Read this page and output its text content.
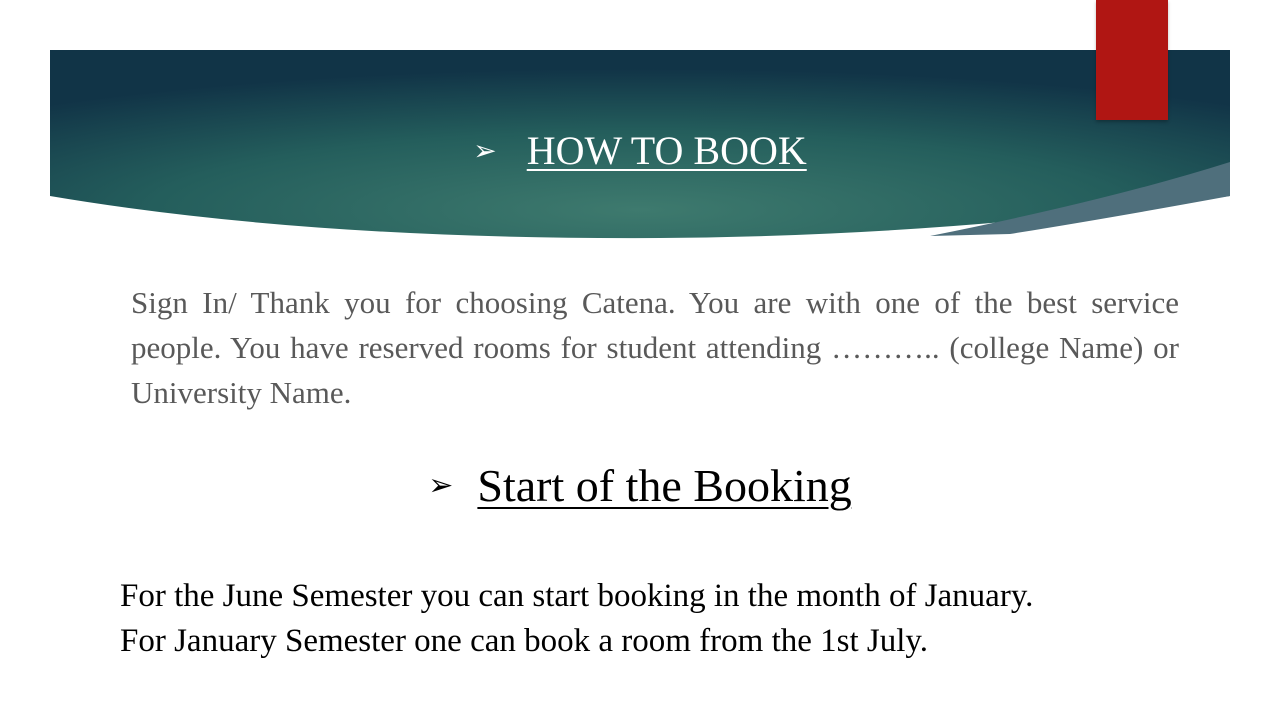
➢ HOW TO BOOK
Sign In/ Thank you for choosing Catena. You are with one of the best service people. You have reserved rooms for student attending ……….. (college Name) or University Name.
➢ Start of the Booking
For the June Semester you can start booking in the month of January.
For January Semester one can book a room from the 1st July.
